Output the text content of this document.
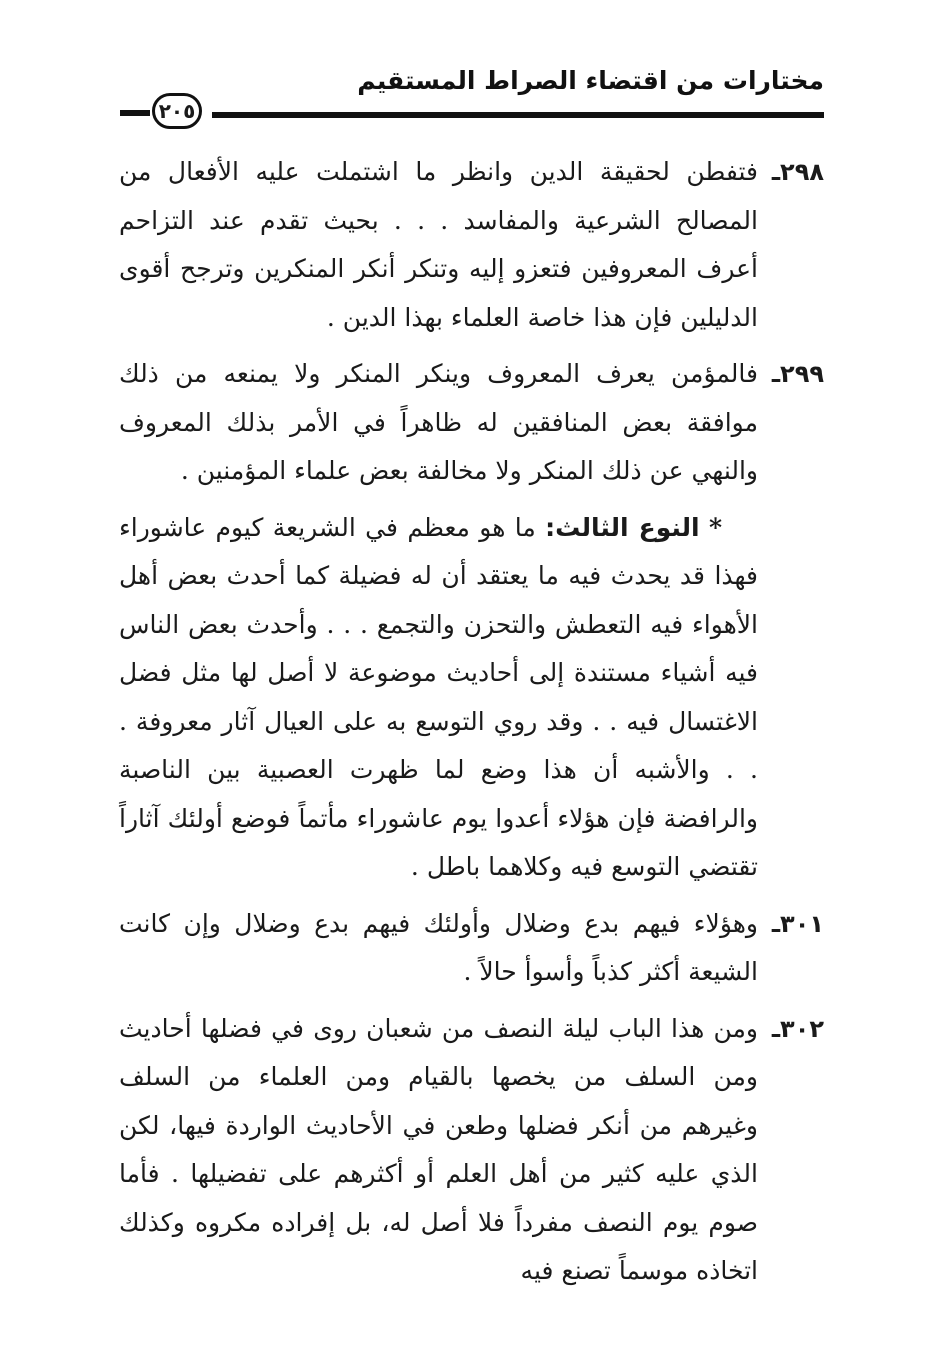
مختارات من اقتضاء الصراط المستقيم
٢٠٥
٢٩٨ـ
فتفطن لحقيقة الدين وانظر ما اشتملت عليه الأفعال من المصالح الشرعية والمفاسد . . . بحيث تقدم عند التزاحم أعرف المعروفين فتعزو إليه وتنكر أنكر المنكرين وترجح أقوى الدليلين فإن هذا خاصة العلماء بهذا الدين .
٢٩٩ـ
فالمؤمن يعرف المعروف وينكر المنكر ولا يمنعه من ذلك موافقة بعض المنافقين له ظاهراً في الأمر بذلك المعروف والنهي عن ذلك المنكر ولا مخالفة بعض علماء المؤمنين .
* النوع الثالث: ما هو معظم في الشريعة كيوم عاشوراء فهذا قد يحدث فيه ما يعتقد أن له فضيلة كما أحدث بعض أهل الأهواء فيه التعطش والتحزن والتجمع . . . وأحدث بعض الناس فيه أشياء مستندة إلى أحاديث موضوعة لا أصل لها مثل فضل الاغتسال فيه . . وقد روي التوسع به على العيال آثار معروفة . . . والأشبه أن هذا وضع لما ظهرت العصبية بين الناصبة والرافضة فإن هؤلاء أعدوا يوم عاشوراء مأتماً فوضع أولئك آثاراً تقتضي التوسع فيه وكلاهما باطل .
٣٠١ـ
وهؤلاء فيهم بدع وضلال وأولئك فيهم بدع وضلال وإن كانت الشيعة أكثر كذباً وأسوأ حالاً .
٣٠٢ـ
ومن هذا الباب ليلة النصف من شعبان روى في فضلها أحاديث ومن السلف من يخصها بالقيام ومن العلماء من السلف وغيرهم من أنكر فضلها وطعن في الأحاديث الواردة فيها، لكن الذي عليه كثير من أهل العلم أو أكثرهم على تفضيلها . فأما صوم يوم النصف مفرداً فلا أصل له، بل إفراده مكروه وكذلك اتخاذه موسماً تصنع فيه
